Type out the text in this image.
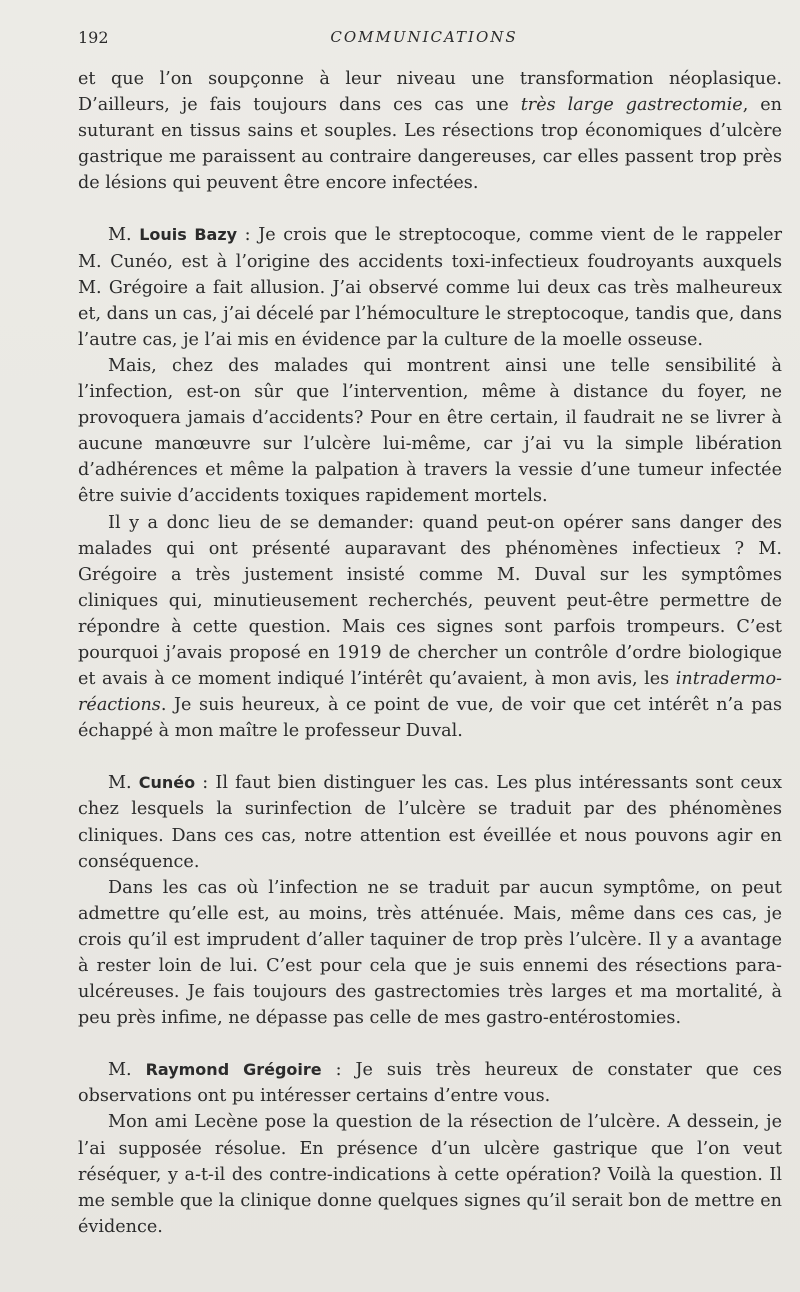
192	COMMUNICATIONS

et que l’on soupçonne à leur niveau une transformation néoplasique. D’ailleurs, je fais toujours dans ces cas une très large gastrectomie, en suturant en tissus sains et souples. Les résections trop économiques d’ulcère gastrique me paraissent au contraire dangereuses, car elles passent trop près de lésions qui peuvent être encore infectées.

M. Louis Bazy : Je crois que le streptocoque, comme vient de le rappeler M. Cunéo, est à l’origine des accidents toxi-infectieux foudroyants auxquels M. Grégoire a fait allusion. J’ai observé comme lui deux cas très malheureux et, dans un cas, j’ai décelé par l’hémoculture le streptocoque, tandis que, dans l’autre cas, je l’ai mis en évidence par la culture de la moelle osseuse.

Mais, chez des malades qui montrent ainsi une telle sensibilité à l’infection, est-on sûr que l’intervention, même à distance du foyer, ne provoquera jamais d’accidents? Pour en être certain, il faudrait ne se livrer à aucune manœuvre sur l’ulcère lui-même, car j’ai vu la simple libération d’adhérences et même la palpation à travers la vessie d’une tumeur infectée être suivie d’accidents toxiques rapidement mortels.

Il y a donc lieu de se demander: quand peut-on opérer sans danger des malades qui ont présenté auparavant des phénomènes infectieux ? M. Grégoire a très justement insisté comme M. Duval sur les symptômes cliniques qui, minutieusement recherchés, peuvent peut-être permettre de répondre à cette question. Mais ces signes sont parfois trompeurs. C’est pourquoi j’avais proposé en 1919 de chercher un contrôle d’ordre biologique et avais à ce moment indiqué l’intérêt qu’avaient, à mon avis, les intradermo-réactions. Je suis heureux, à ce point de vue, de voir que cet intérêt n’a pas échappé à mon maître le professeur Duval.

M. Cunéo : Il faut bien distinguer les cas. Les plus intéressants sont ceux chez lesquels la surinfection de l’ulcère se traduit par des phénomènes cliniques. Dans ces cas, notre attention est éveillée et nous pouvons agir en conséquence.

Dans les cas où l’infection ne se traduit par aucun symptôme, on peut admettre qu’elle est, au moins, très atténuée. Mais, même dans ces cas, je crois qu’il est imprudent d’aller taquiner de trop près l’ulcère. Il y a avantage à rester loin de lui. C’est pour cela que je suis ennemi des résections para-ulcéreuses. Je fais toujours des gastrectomies très larges et ma mortalité, à peu près infime, ne dépasse pas celle de mes gastro-entérostomies.

M. Raymond Grégoire : Je suis très heureux de constater que ces observations ont pu intéresser certains d’entre vous.

Mon ami Lecène pose la question de la résection de l’ulcère. A dessein, je l’ai supposée résolue. En présence d’un ulcère gastrique que l’on veut réséquer, y a-t-il des contre-indications à cette opération? Voilà la question. Il me semble que la clinique donne quelques signes qu’il serait bon de mettre en évidence.
